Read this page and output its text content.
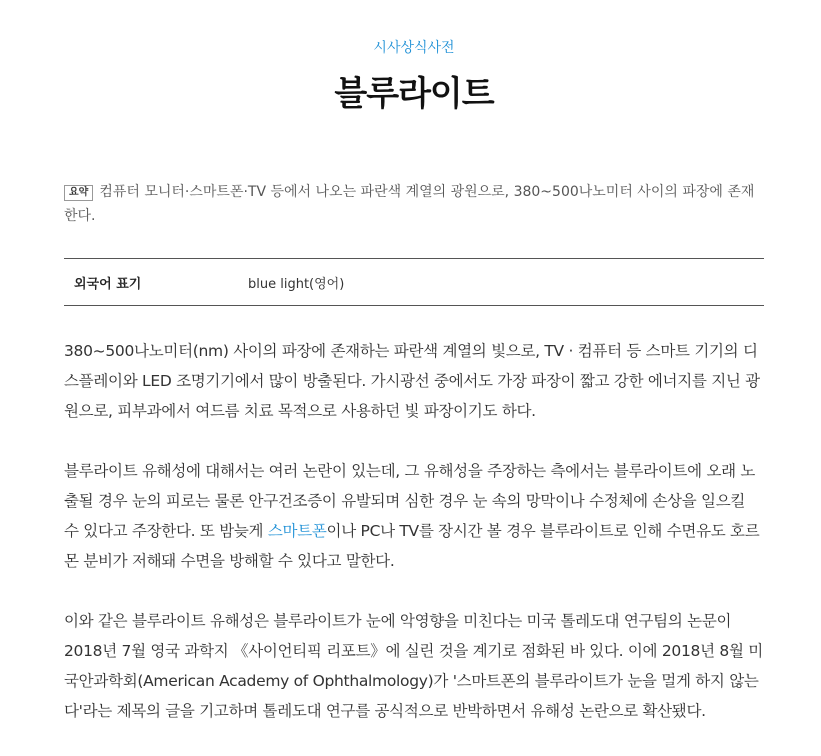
시사상식사전
블루라이트
요약 컴퓨터 모니터·스마트폰·TV 등에서 나오는 파란색 계열의 광원으로, 380~500나노미터 사이의 파장에 존재한다.
외국어 표기	blue light(영어)

380~500나노미터(nm) 사이의 파장에 존재하는 파란색 계열의 빛으로, TV · 컴퓨터 등 스마트 기기의 디스플레이와 LED 조명기기에서 많이 방출된다. 가시광선 중에서도 가장 파장이 짧고 강한 에너지를 지닌 광원으로, 피부과에서 여드름 치료 목적으로 사용하던 빛 파장이기도 하다.

블루라이트 유해성에 대해서는 여러 논란이 있는데, 그 유해성을 주장하는 측에서는 블루라이트에 오래 노출될 경우 눈의 피로는 물론 안구건조증이 유발되며 심한 경우 눈 속의 망막이나 수정체에 손상을 일으킬 수 있다고 주장한다. 또 밤늦게 스마트폰이나 PC나 TV를 장시간 볼 경우 블루라이트로 인해 수면유도 호르몬 분비가 저해돼 수면을 방해할 수 있다고 말한다.

이와 같은 블루라이트 유해성은 블루라이트가 눈에 악영향을 미친다는 미국 톨레도대 연구팀의 논문이 2018년 7월 영국 과학지 《사이언티픽 리포트》에 실린 것을 계기로 점화된 바 있다. 이에 2018년 8월 미국안과학회(American Academy of Ophthalmology)가 '스마트폰의 블루라이트가 눈을 멀게 하지 않는다'라는 제목의 글을 기고하며 톨레도대 연구를 공식적으로 반박하면서 유해성 논란으로 확산됐다.
